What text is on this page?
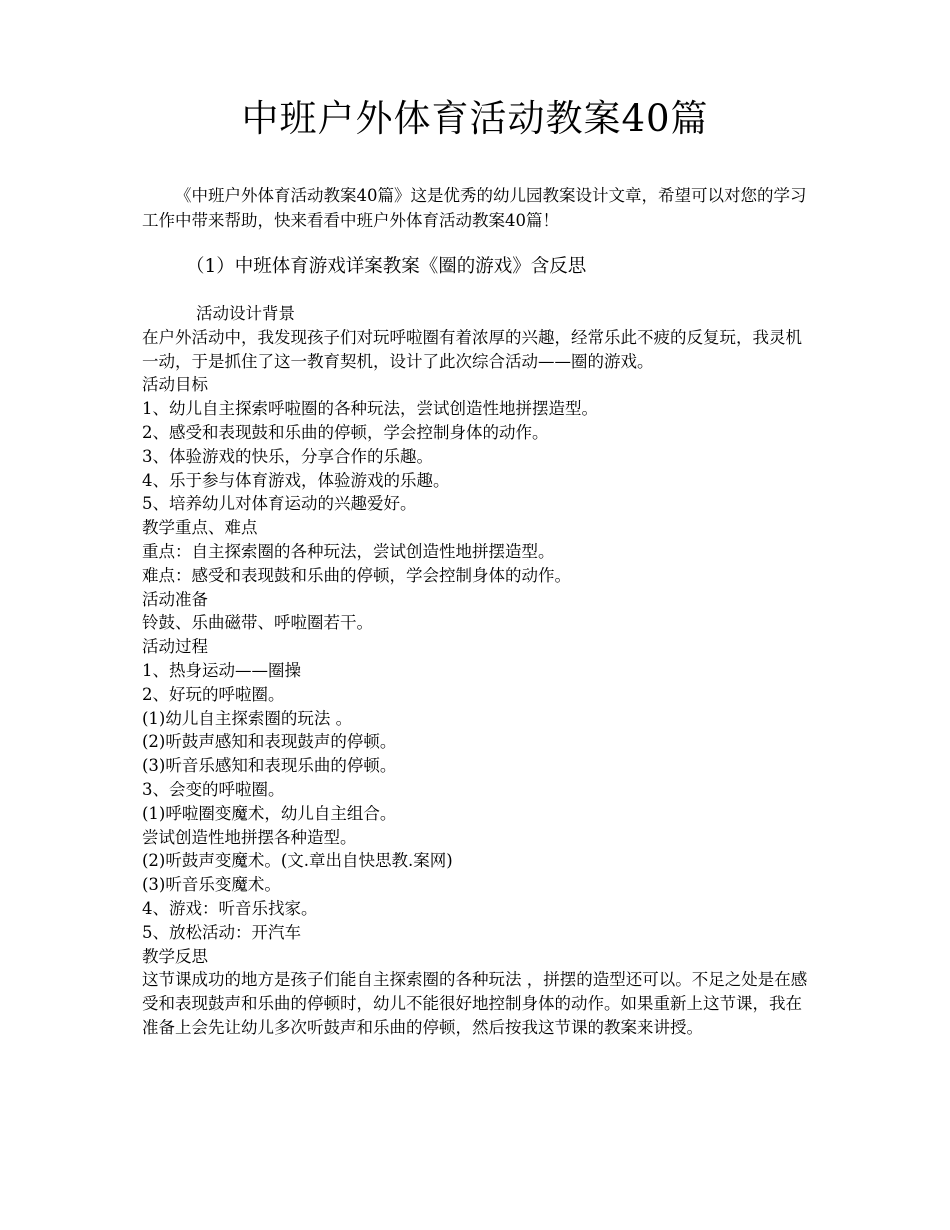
中班户外体育活动教案40篇

《中班户外体育活动教案40篇》这是优秀的幼儿园教案设计文章，希望可以对您的学习工作中带来帮助，快来看看中班户外体育活动教案40篇！

（1）中班体育游戏详案教案《圈的游戏》含反思
活动设计背景

在户外活动中，我发现孩子们对玩呼啦圈有着浓厚的兴趣，经常乐此不疲的反复玩，我灵机一动，于是抓住了这一教育契机，设计了此次综合活动——圈的游戏。

活动目标
1、幼儿自主探索呼啦圈的各种玩法，尝试创造性地拼摆造型。
2、感受和表现鼓和乐曲的停顿，学会控制身体的动作。
3、体验游戏的快乐，分享合作的乐趣。
4、乐于参与体育游戏，体验游戏的乐趣。
5、培养幼儿对体育运动的兴趣爱好。
教学重点、难点
重点：自主探索圈的各种玩法，尝试创造性地拼摆造型。
难点：感受和表现鼓和乐曲的停顿，学会控制身体的动作。
活动准备
铃鼓、乐曲磁带、呼啦圈若干。
活动过程
1、热身运动——圈操
2、好玩的呼啦圈。
(1)幼儿自主探索圈的玩法 。
(2)听鼓声感知和表现鼓声的停顿。
(3)听音乐感知和表现乐曲的停顿。
3、会变的呼啦圈。
(1)呼啦圈变魔术，幼儿自主组合。
尝试创造性地拼摆各种造型。
(2)听鼓声变魔术。(文.章出自快思教.案网)
(3)听音乐变魔术。
4、游戏：听音乐找家。
5、放松活动：开汽车
教学反思

这节课成功的地方是孩子们能自主探索圈的各种玩法 ，拼摆的造型还可以。不足之处是在感受和表现鼓声和乐曲的停顿时，幼儿不能很好地控制身体的动作。如果重新上这节课，我在准备上会先让幼儿多次听鼓声和乐曲的停顿，然后按我这节课的教案来讲授。
